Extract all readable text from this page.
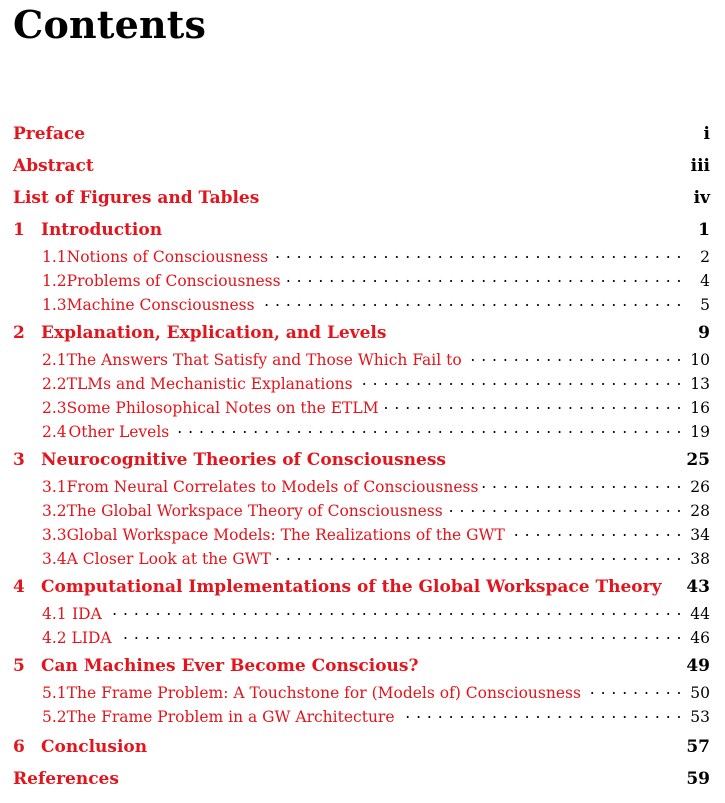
Contents
Preface	i
Abstract	iii
List of Figures and Tables	iv
1 Introduction	1
1.1 Notions of Consciousness . . .	2
1.2 Problems of Consciousness . . .	4
1.3 Machine Consciousness . . .	5
2 Explanation, Explication, and Levels	9
2.1 The Answers That Satisfy and Those Which Fail to . . .	10
2.2 TLMs and Mechanistic Explanations . . .	13
2.3 Some Philosophical Notes on the ETLM . . .	16
2.4 Other Levels . . .	19
3 Neurocognitive Theories of Consciousness	25
3.1 From Neural Correlates to Models of Consciousness . . .	26
3.2 The Global Workspace Theory of Consciousness . . .	28
3.3 Global Workspace Models: The Realizations of the GWT . . .	34
3.4 A Closer Look at the GWT . . .	38
4 Computational Implementations of the Global Workspace Theory 43
4.1 IDA . . .	44
4.2 LIDA . . .	46
5 Can Machines Ever Become Conscious?	49
5.1 The Frame Problem: A Touchstone for (Models of) Consciousness . . .	50
5.2 The Frame Problem in a GW Architecture . . .	53
6 Conclusion	57
References	59
